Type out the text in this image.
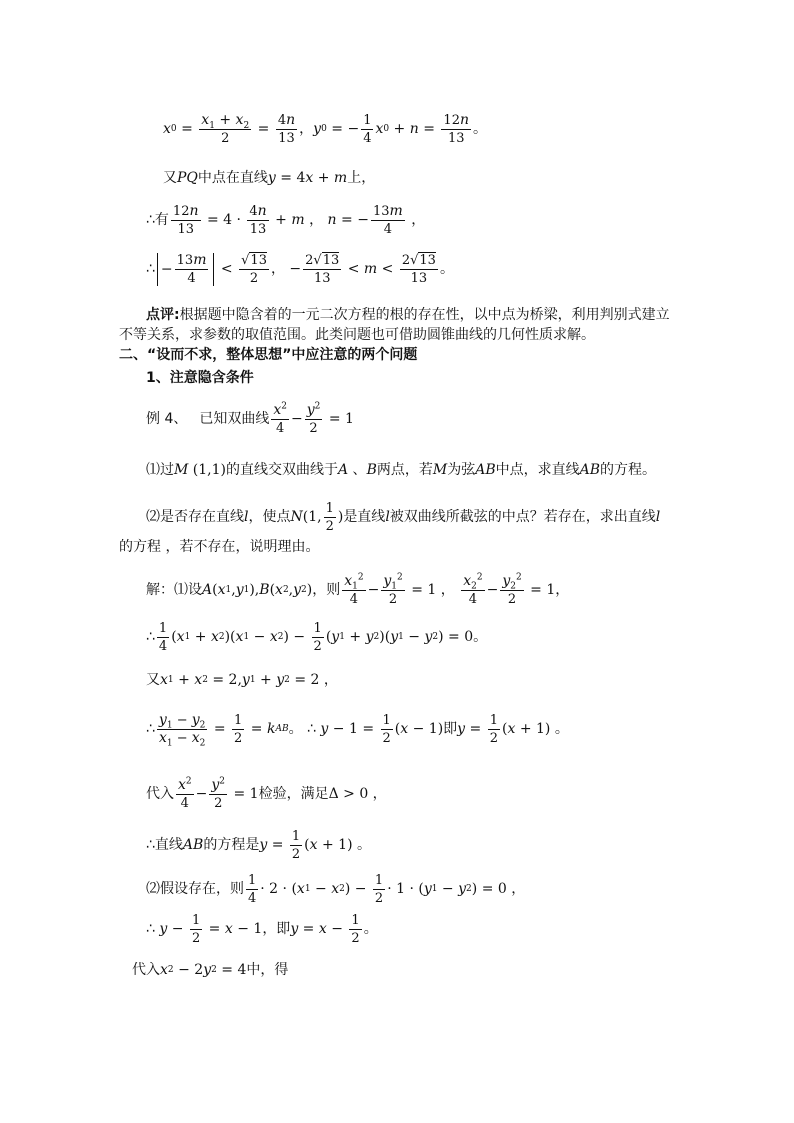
x $0 = \frac{x_1 + x_2}{2} = \frac{4n}{13}$ ， y 0 = − $\frac{1}{4}$ x $0 + n = \frac{12n}{13}$ 。
又 PQ 中点在直线 y = 4 x + m 上，
∴ 有 $\frac{12n}{13} = 4 \cdot \frac{4n}{13} + m$ ， n = − $\frac{13m}{4}$ ，
∴ − $\frac{13m}{4} < \frac{√13}{2}$ ， − $\frac{2√13}{13} < m < \frac{2√13}{13}$ 。
点评: 根据题中隐含着的一元二次方程的根的存在性，以中点为桥梁，利用判别式建立
不等关系，求参数的取值范围。此类问题也可借助圆锥曲线的几何性质求解。
二、“设而不求，整体思想”中应注意的两个问题
1、注意隐含条件
例 4、 已知双曲线 $\frac{x^2}{4} - \frac{y^2}{2} = 1$
⑴过 M (1,1) 的直线交双曲线于 A 、 B 两点，若 M 为弦 AB 中点，求直线 AB 的方程。
⑵是否存在直线 l ，使点 N (1, $\frac{1}{2}$ ) 是直线 l 被双曲线所截弦的中点？若存在，求出直线 l
的方程 ，若不存在，说明理由。
解：⑴设 A ( x 1 , y 1 ), B ( x 2 , y 2 ) ，则 $\frac{x_1^2}{4} - \frac{y_1^2}{2} = 1$ ， $\frac{x_2^2}{4} - \frac{y_2^2}{2} = 1$，
∴ $\frac{1}{4}$ ( x 1 + x 2 )( x 1 − x 2 ) − $\frac{1}{2}$ ( y 1 + y 2 )( y 1 − y 2 ) = 0。
又 x 1 + x 2 = 2, y 1 + y 2 = 2 ，
∴ $\frac{y_1 - y_2}{x_1 - x_2} = \frac{1}{2} = k$ AB 。 ∴
$y - 1 = \frac{1}{2}$ ( x − 1) 即 $y = \frac{1}{2}$ ( x + 1) 。
代入 $\frac{x^2}{4} - \frac{y^2}{2} = 1$ 检验，满足 Δ > 0 ，
∴ 直线 AB 的方程是 $y = \frac{1}{2}$ ( x + 1) 。
⑵假设存在，则 $\frac{1}{4} \cdot 2$ · ( x 1 − x 2 ) − $\frac{1}{2} \cdot 1$ · ( y 1 − y 2 ) = 0 ，
∴
$y - \frac{1}{2} = x - 1$ ，即 $y = x - \frac{1}{2}$ 。
代入 x 2 − 2 y 2 = 4 中，得
